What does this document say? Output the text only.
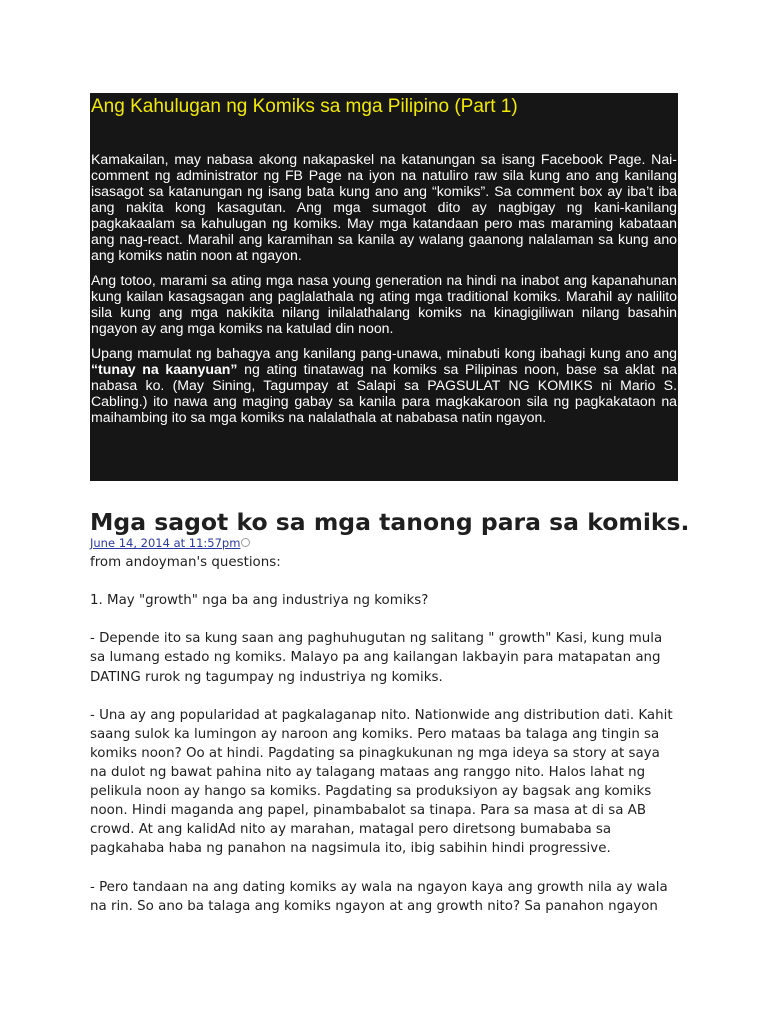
Ang Kahulugan ng Komiks sa mga Pilipino (Part 1)

Kamakailan, may nabasa akong nakapaskel na katanungan sa isang Facebook Page. Nai-comment ng administrator ng FB Page na iyon na natuliro raw sila kung ano ang kanilang isasagot sa katanungan ng isang bata kung ano ang “komiks”. Sa comment box ay iba’t iba ang nakita kong kasagutan. Ang mga sumagot dito ay nagbigay ng kani-kanilang pagkakaalam sa kahulugan ng komiks. May mga katandaan pero mas maraming kabataan ang nag-react. Marahil ang karamihan sa kanila ay walang gaanong nalalaman sa kung ano ang komiks natin noon at ngayon.

Ang totoo, marami sa ating mga nasa young generation na hindi na inabot ang kapanahunan kung kailan kasagsagan ang paglalathala ng ating mga traditional komiks. Marahil ay nalilito sila kung ang mga nakikita nilang inilalathalang komiks na kinagigiliwan nilang basahin ngayon ay ang mga komiks na katulad din noon.

Upang mamulat ng bahagya ang kanilang pang-unawa, minabuti kong ibahagi kung ano ang “tunay na kaanyuan” ng ating tinatawag na komiks sa Pilipinas noon, base sa aklat na nabasa ko. (May Sining, Tagumpay at Salapi sa PAGSULAT NG KOMIKS ni Mario S. Cabling.) ito nawa ang maging gabay sa kanila para magkakaroon sila ng pagkakataon na maihambing ito sa mga komiks na nalalathala at nababasa natin ngayon.

Mga sagot ko sa mga tanong para sa komiks.
June 14, 2014 at 11:57pm

from andoyman's questions:

1. May "growth" nga ba ang industriya ng komiks?

- Depende ito sa kung saan ang paghuhugutan ng salitang " growth" Kasi, kung mula sa lumang estado ng komiks. Malayo pa ang kailangan lakbayin para matapatan ang DATING rurok ng tagumpay ng industriya ng komiks.

- Una ay ang popularidad at pagkalaganap nito. Nationwide ang distribution dati. Kahit saang sulok ka lumingon ay naroon ang komiks. Pero mataas ba talaga ang tingin sa komiks noon? Oo at hindi. Pagdating sa pinagkukunan ng mga ideya sa story at saya na dulot ng bawat pahina nito ay talagang mataas ang ranggo nito. Halos lahat ng pelikula noon ay hango sa komiks. Pagdating sa produksiyon ay bagsak ang komiks noon. Hindi maganda ang papel, pinambabalot sa tinapa. Para sa masa at di sa AB crowd. At ang kalidAd nito ay marahan, matagal pero diretsong bumababa sa pagkahaba haba ng panahon na nagsimula ito, ibig sabihin hindi progressive.

- Pero tandaan na ang dating komiks ay wala na ngayon kaya ang growth nila ay wala na rin. So ano ba talaga ang komiks ngayon at ang growth nito? Sa panahon ngayon
